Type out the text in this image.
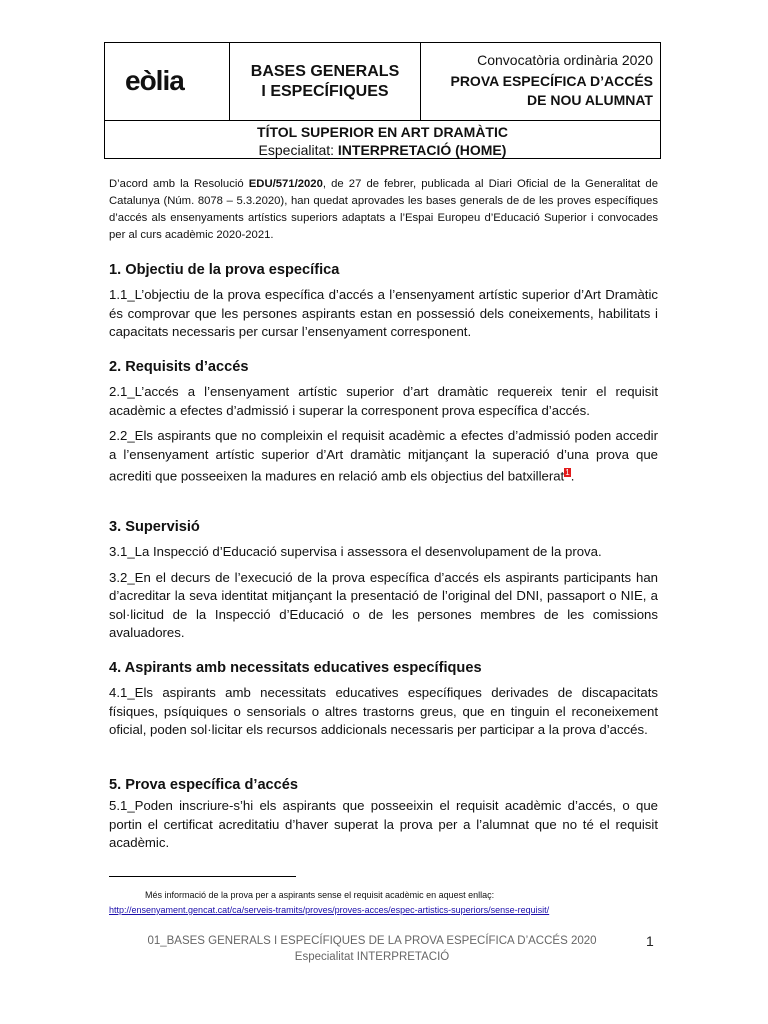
eòlia	BASES GENERALS
I ESPECÍFIQUES
Convocatòria ordinària 2020
PROVA ESPECÍFICA D’ACCÉS
DE NOU ALUMNAT
TÍTOL SUPERIOR EN ART DRAMÀTIC
Especialitat: INTERPRETACIÓ (HOME)

D’acord amb la Resolució EDU/571/2020, de 27 de febrer, publicada al Diari Oficial de la Generalitat de Catalunya (Núm. 8078 – 5.3.2020), han quedat aprovades les bases generals de de les proves específiques d’accés als ensenyaments artístics superiors adaptats a l’Espai Europeu d’Educació Superior i convocades per al curs acadèmic 2020-2021.

1. Objectiu de la prova específica

1.1_L’objectiu de la prova específica d’accés a l’ensenyament artístic superior d’Art Dramàtic és comprovar que les persones aspirants estan en possessió dels coneixements, habilitats i capacitats necessaris per cursar l’ensenyament corresponent.

2. Requisits d’accés

2.1_L’accés a l’ensenyament artístic superior d’art dramàtic requereix tenir el requisit acadèmic a efectes d’admissió i superar la corresponent prova específica d’accés.

2.2_Els aspirants que no compleixin el requisit acadèmic a efectes d’admissió poden accedir a l’ensenyament artístic superior d’Art dramàtic mitjançant la superació d’una prova que acrediti que posseeixen la madures en relació amb els objectius del batxillerat$^1$.

3. Supervisió

3.1_La Inspecció d’Educació supervisa i assessora el desenvolupament de la prova.

3.2_En el decurs de l’execució de la prova específica d’accés els aspirants participants han d’acreditar la seva identitat mitjançant la presentació de l’original del DNI, passaport o NIE, a sol·licitud de la Inspecció d’Educació o de les persones membres de les comissions avaluadores.

4. Aspirants amb necessitats educatives específiques

4.1_Els aspirants amb necessitats educatives específiques derivades de discapacitats físiques, psíquiques o sensorials o altres trastorns greus, que en tinguin el reconeixement oficial, poden sol·licitar els recursos addicionals necessaris per participar a la prova d’accés.

5. Prova específica d’accés

5.1_Poden inscriure-s’hi els aspirants que posseeixin el requisit acadèmic d’accés, o que portin el certificat acreditatiu d’haver superat la prova per a l’alumnat que no té el requisit acadèmic.

Més informació de la prova per a aspirants sense el requisit acadèmic en aquest enllaç:
http://ensenyament.gencat.cat/ca/serveis-tramits/proves/proves-acces/espec-artistics-superiors/sense-requisit/
01_BASES GENERALS I ESPECÍFIQUES DE LA PROVA ESPECÍFICA D’ACCÉS 2020
Especialitat INTERPRETACIÓ
1
